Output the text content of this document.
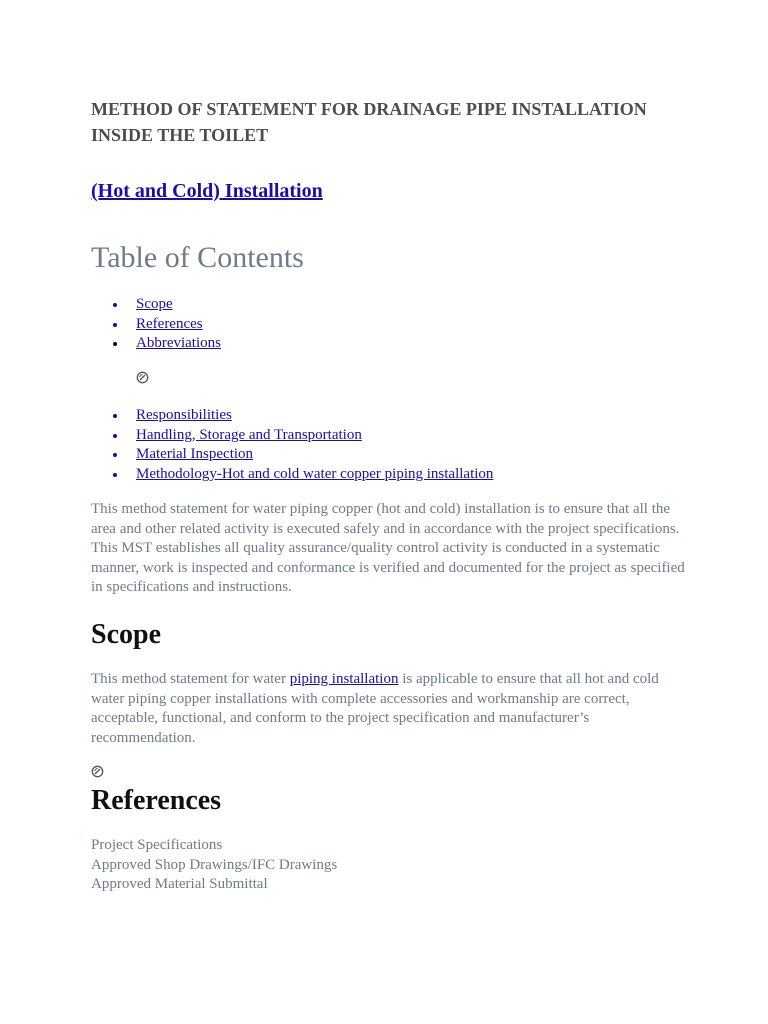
METHOD OF STATEMENT FOR DRAINAGE PIPE INSTALLATION INSIDE THE TOILET

(Hot and Cold) Installation

Table of Contents
Scope
References
Abbreviations
Responsibilities
Handling, Storage and Transportation
Material Inspection
Methodology-Hot and cold water copper piping installation

This method statement for water piping copper (hot and cold) installation is to ensure that all the area and other related activity is executed safely and in accordance with the project specifications. This MST establishes all quality assurance/quality control activity is conducted in a systematic manner, work is inspected and conformance is verified and documented for the project as specified in specifications and instructions.

Scope

This method statement for water piping installation is applicable to ensure that all hot and cold water piping copper installations with complete accessories and workmanship are correct, acceptable, functional, and conform to the project specification and manufacturer’s recommendation.

References
Project Specifications
Approved Shop Drawings/IFC Drawings
Approved Material Submittal
